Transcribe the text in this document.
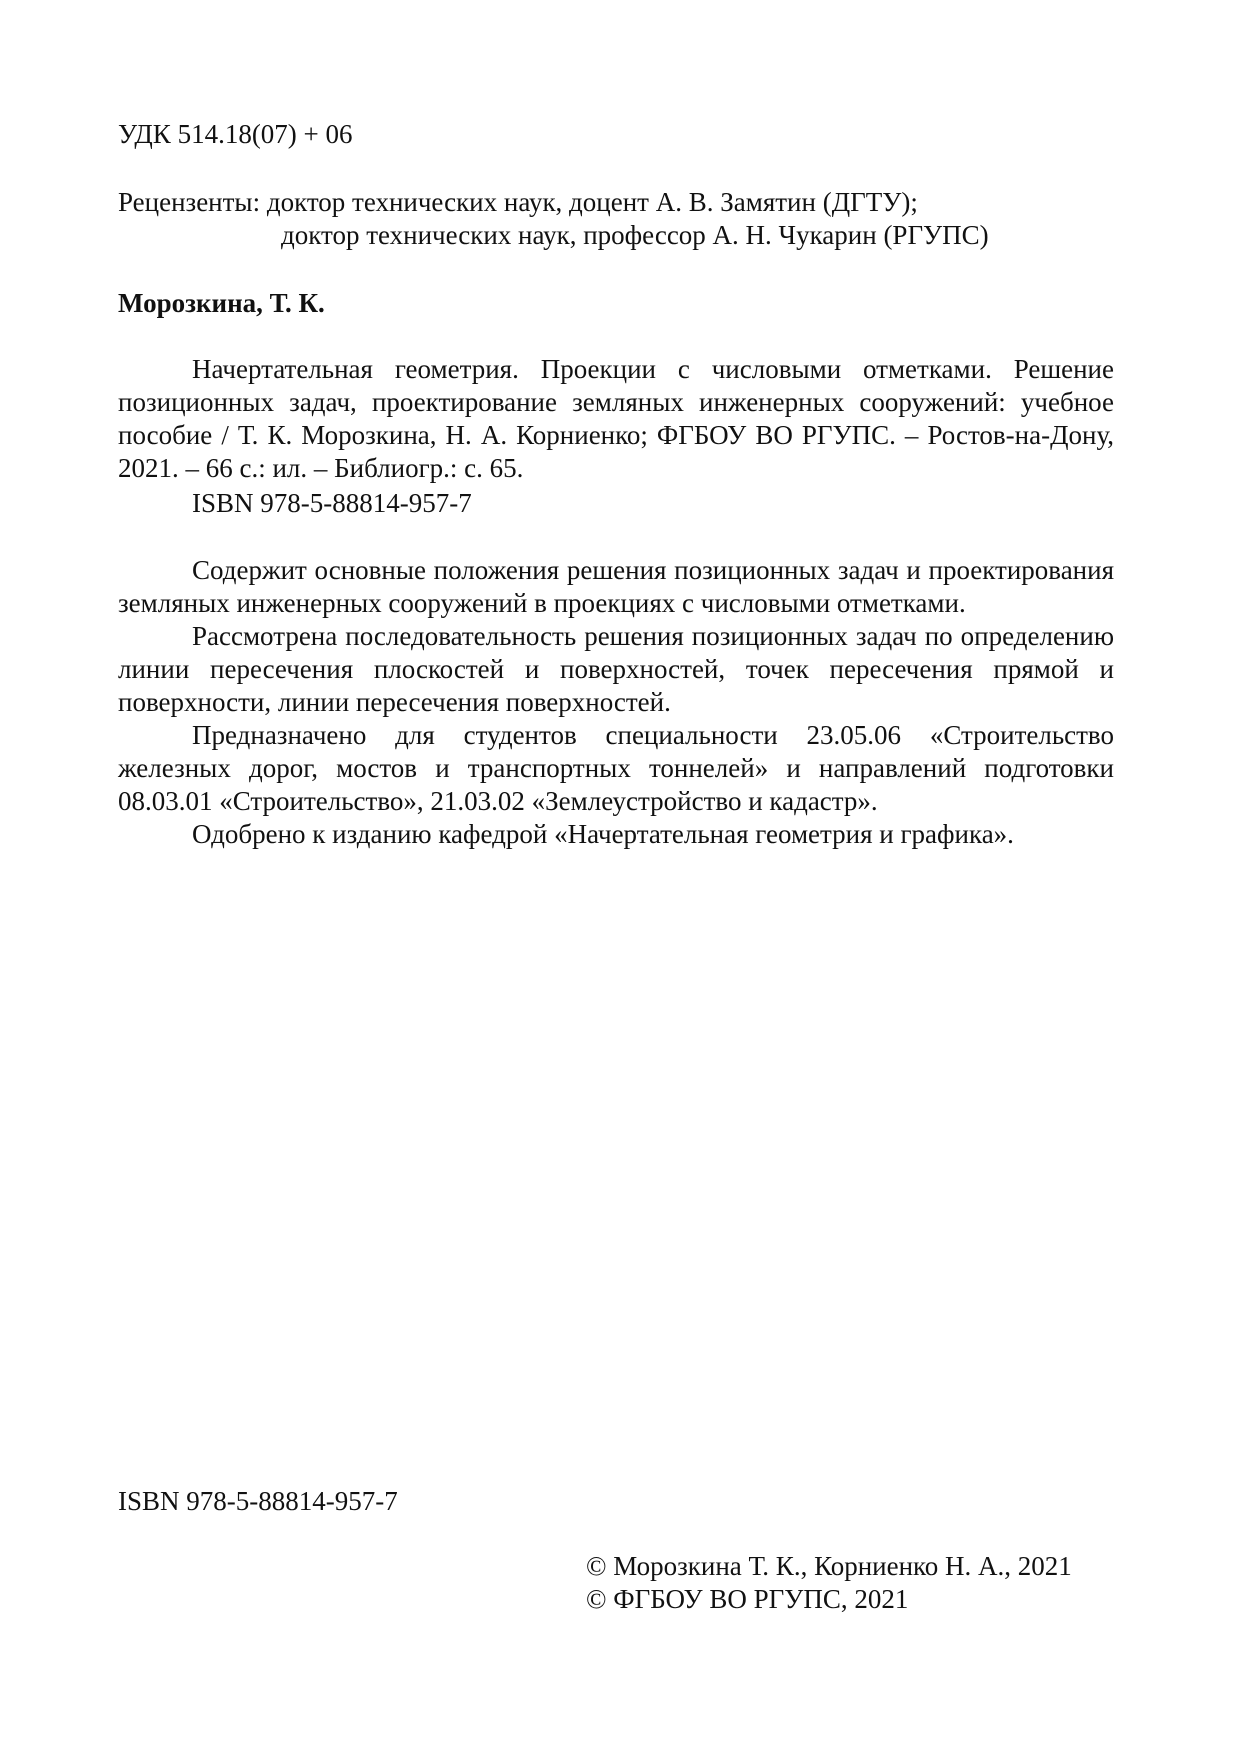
УДК 514.18(07) + 06
Рецензенты: доктор технических наук, доцент А. В. Замятин (ДГТУ);
доктор технических наук, профессор А. Н. Чукарин (РГУПС)
Морозкина, Т. К.
Начертательная геометрия. Проекции с числовыми отметками. Решение позиционных задач, проектирование земляных инженерных сооружений: учебное пособие / Т. К. Морозкина, Н. А. Корниенко; ФГБОУ ВО РГУПС. – Ростов-на-Дону, 2021. – 66 с.: ил. – Библиогр.: с. 65.
ISBN 978-5-88814-957-7

Содержит основные положения решения позиционных задач и проектирования земляных инженерных сооружений в проекциях с числовыми отметками.

Рассмотрена последовательность решения позиционных задач по определению линии пересечения плоскостей и поверхностей, точек пересечения прямой и поверхности, линии пересечения поверхностей.

Предназначено для студентов специальности 23.05.06 «Строительство железных дорог, мостов и транспортных тоннелей» и направлений подготовки 08.03.01 «Строительство», 21.03.02 «Землеустройство и кадастр».

Одобрено к изданию кафедрой «Начертательная геометрия и графика».

ISBN 978-5-88814-957-7
© Морозкина Т. К., Корниенко Н. А., 2021
© ФГБОУ ВО РГУПС, 2021
